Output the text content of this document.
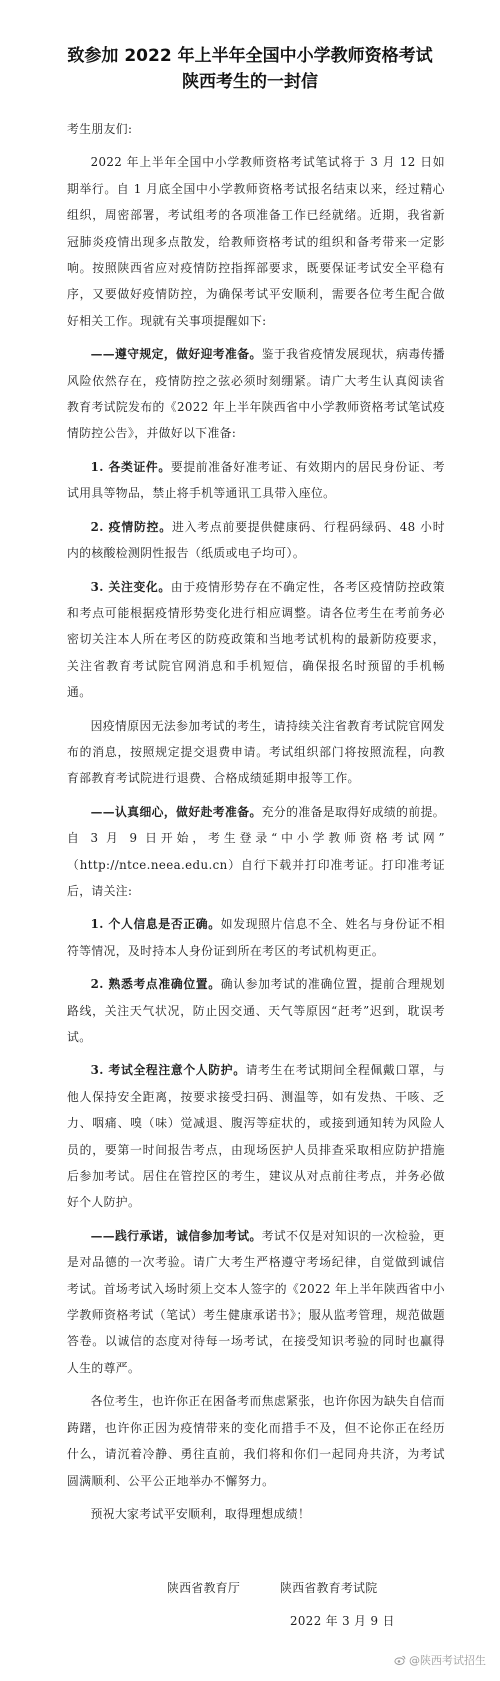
致参加 2022 年上半年全国中小学教师资格考试
陕西考生的一封信

考生朋友们:

2022 年上半年全国中小学教师资格考试笔试将于 3 月 12 日如期举行。自 1 月底全国中小学教师资格考试报名结束以来，经过精心组织，周密部署，考试组考的各项准备工作已经就绪。近期，我省新冠肺炎疫情出现多点散发，给教师资格考试的组织和备考带来一定影响。按照陕西省应对疫情防控指挥部要求，既要保证考试安全平稳有序，又要做好疫情防控，为确保考试平安顺利，需要各位考生配合做好相关工作。现就有关事项提醒如下:

——遵守规定，做好迎考准备。鉴于我省疫情发展现状，病毒传播风险依然存在，疫情防控之弦必须时刻绷紧。请广大考生认真阅读省教育考试院发布的《2022 年上半年陕西省中小学教师资格考试笔试疫情防控公告》，并做好以下准备:

1. 各类证件。要提前准备好准考证、有效期内的居民身份证、考试用具等物品，禁止将手机等通讯工具带入座位。

2. 疫情防控。进入考点前要提供健康码、行程码绿码、48 小时内的核酸检测阴性报告（纸质或电子均可）。

3. 关注变化。由于疫情形势存在不确定性，各考区疫情防控政策和考点可能根据疫情形势变化进行相应调整。请各位考生在考前务必密切关注本人所在考区的防疫政策和当地考试机构的最新防疫要求，关注省教育考试院官网消息和手机短信，确保报名时预留的手机畅通。

因疫情原因无法参加考试的考生，请持续关注省教育考试院官网发布的消息，按照规定提交退费申请。考试组织部门将按照流程，向教育部教育考试院进行退费、合格成绩延期申报等工作。

——认真细心，做好赴考准备。充分的准备是取得好成绩的前提。自 3 月 9 日开始，考生登录“中小学教师资格考试网” （http://ntce.neea.edu.cn）自行下载并打印准考证。打印准考证后，请关注:

1. 个人信息是否正确。如发现照片信息不全、姓名与身份证不相符等情况，及时持本人身份证到所在考区的考试机构更正。

2. 熟悉考点准确位置。确认参加考试的准确位置，提前合理规划路线，关注天气状况，防止因交通、天气等原因“赶考”迟到，耽误考试。

3. 考试全程注意个人防护。请考生在考试期间全程佩戴口罩，与他人保持安全距离，按要求接受扫码、测温等，如有发热、干咳、乏力、咽痛、嗅（味）觉减退、腹泻等症状的，或接到通知转为风险人员的，要第一时间报告考点，由现场医护人员排查采取相应防护措施后参加考试。居住在管控区的考生，建议从对点前往考点，并务必做好个人防护。

——践行承诺，诚信参加考试。考试不仅是对知识的一次检验，更是对品德的一次考验。请广大考生严格遵守考场纪律，自觉做到诚信考试。首场考试入场时须上交本人签字的《2022 年上半年陕西省中小学教师资格考试（笔试）考生健康承诺书》；服从监考管理，规范做题答卷。以诚信的态度对待每一场考试，在接受知识考验的同时也赢得人生的尊严。

各位考生，也许你正在困备考而焦虑紧张，也许你因为缺失自信而踌躇，也许你正因为疫情带来的变化而措手不及，但不论你正在经历什么，请沉着冷静、勇往直前，我们将和你们一起同舟共济，为考试圆满顺利、公平公正地举办不懈努力。

预祝大家考试平安顺利，取得理想成绩！

陕西省教育厅	陕西省教育考试院
2022 年 3 月 9 日
@陕西考试招生
